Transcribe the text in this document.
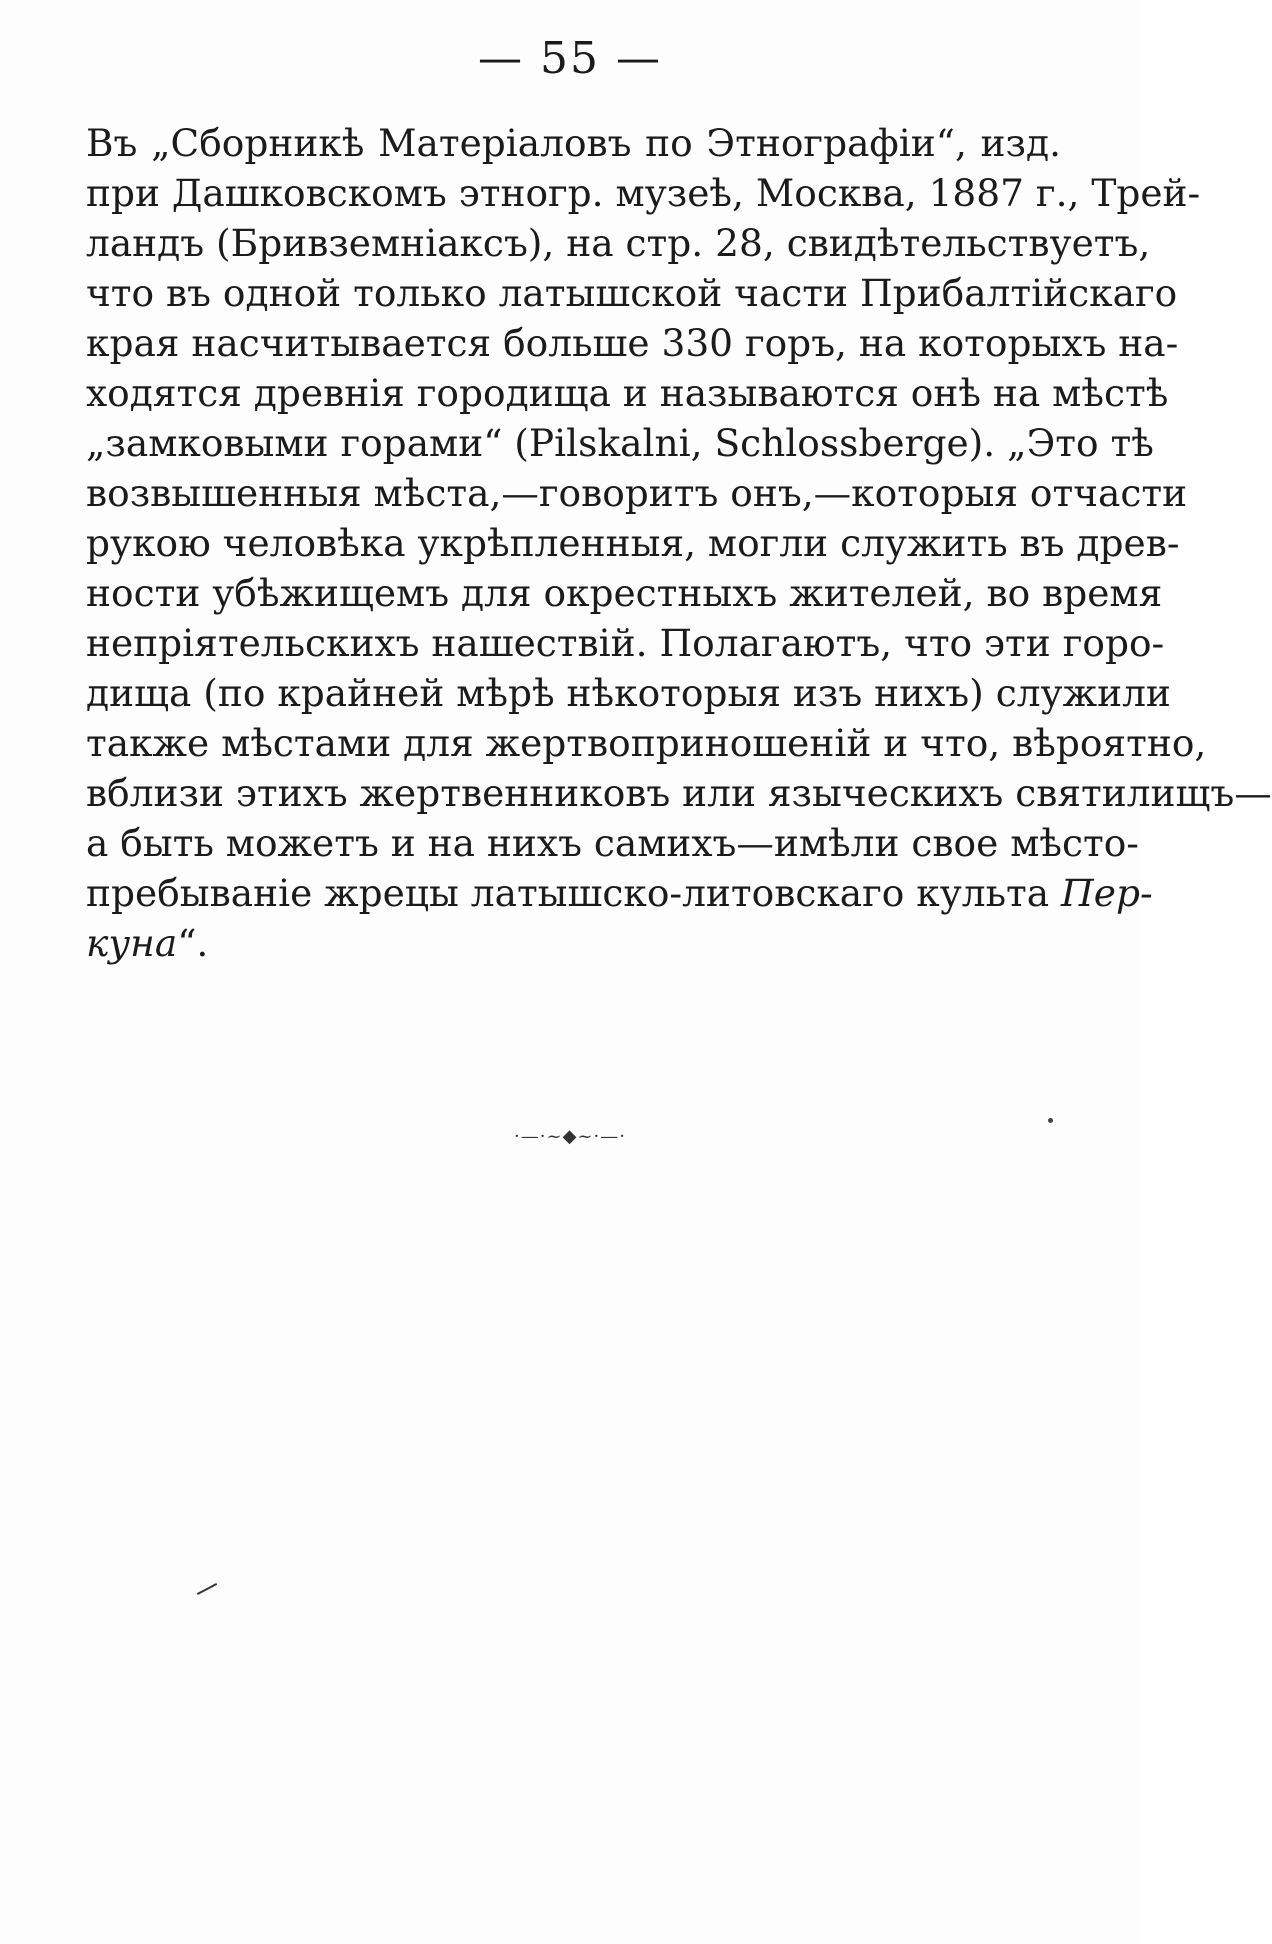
— 55 —
Въ „Сборникѣ Матеріаловъ по Этнографіи“, изд.
при Дашковскомъ этногр. музеѣ, Москва, 1887 г., Трей-
ландъ (Бривземніаксъ), на стр. 28, свидѣтельствуетъ,
что въ одной только латышской части Прибалтійскаго
края насчитывается больше 330 горъ, на которыхъ на-
ходятся древнія городища и называются онѣ на мѣстѣ
„замковыми горами“ (Pilskalni, Schlossberge). „Это тѣ
возвышенныя мѣста,—говоритъ онъ,—которыя отчасти
рукою человѣка укрѣпленныя, могли служить въ древ-
ности убѣжищемъ для окрестныхъ жителей, во время
непріятельскихъ нашествій. Полагаютъ, что эти горо-
дища (по крайней мѣрѣ нѣкоторыя изъ нихъ) служили
также мѣстами для жертвоприношеній и что, вѣроятно,
вблизи этихъ жертвенниковъ или языческихъ святилищъ—
а быть можетъ и на нихъ самихъ—имѣли свое мѣсто-
пребываніе жрецы латышско-литовскаго культа Пер-
куна“.
·—·~◆~·—·
